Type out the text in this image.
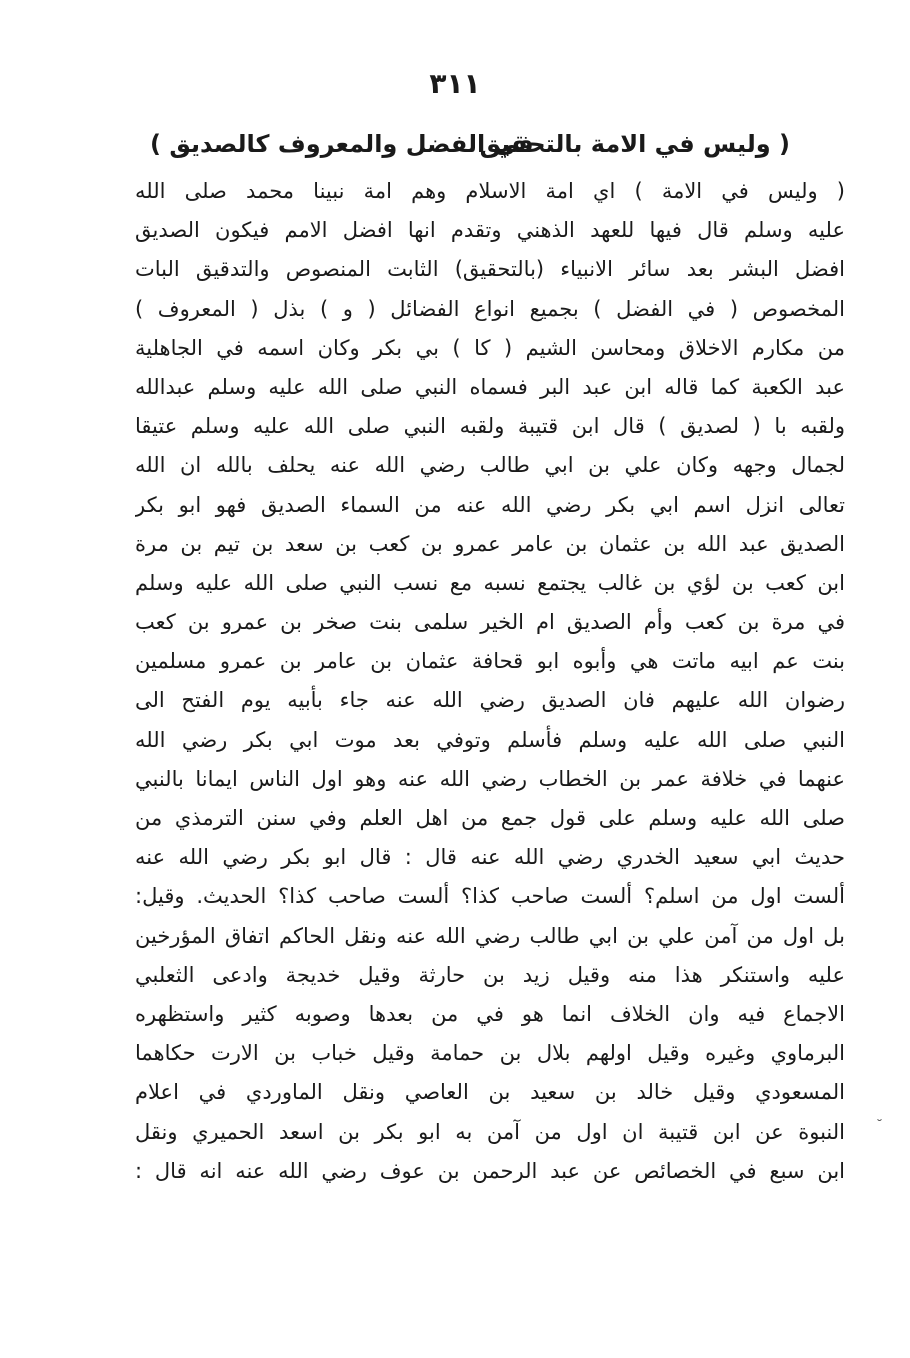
٣١١
( وليس في الامة بالتحقيق
في الفضل والمعروف كالصديق )
( وليس في الامة ) اي امة الاسلام وهم امة نبينا محمد صلى الله
عليه وسلم قال فيها للعهد الذهني وتقدم انها افضل الامم فيكون الصديق
افضل البشر بعد سائر الانبياء (بالتحقيق) الثابت المنصوص والتدقيق البات
المخصوص ( في الفضل ) بجميع انواع الفضائل ( و ) بذل ( المعروف )
من مكارم الاخلاق ومحاسن الشيم ( كا ) بي بكر وكان اسمه في الجاهلية
عبد الكعبة كما قاله ابن عبد البر فسماه النبي صلى الله عليه وسلم عبدالله
ولقبه با ( لصديق ) قال ابن قتيبة ولقبه النبي صلى الله عليه وسلم عتيقا
لجمال وجهه وكان علي بن ابي طالب رضي الله عنه يحلف بالله ان الله
تعالى انزل اسم ابي بكر رضي الله عنه من السماء الصديق فهو ابو بكر
الصديق عبد الله بن عثمان بن عامر عمرو بن كعب بن سعد بن تيم بن مرة
ابن كعب بن لؤي بن غالب يجتمع نسبه مع نسب النبي صلى الله عليه وسلم
في مرة بن كعب وأم الصديق ام الخير سلمى بنت صخر بن عمرو بن كعب
بنت عم ابيه ماتت هي وأبوه ابو قحافة عثمان بن عامر بن عمرو مسلمين
رضوان الله عليهم فان الصديق رضي الله عنه جاء بأبيه يوم الفتح الى
النبي صلى الله عليه وسلم فأسلم وتوفي بعد موت ابي بكر رضي الله
عنهما في خلافة عمر بن الخطاب رضي الله عنه وهو اول الناس ايمانا بالنبي
صلى الله عليه وسلم على قول جمع من اهل العلم وفي سنن الترمذي من
حديث ابي سعيد الخدري رضي الله عنه قال : قال ابو بكر رضي الله عنه
ألست اول من اسلم؟ ألست صاحب كذا؟ ألست صاحب كذا؟ الحديث. وقيل:
بل اول من آمن علي بن ابي طالب رضي الله عنه ونقل الحاكم اتفاق المؤرخين
عليه واستنكر هذا منه وقيل زيد بن حارثة وقيل خديجة وادعى الثعلبي
الاجماع فيه وان الخلاف انما هو في من بعدها وصوبه كثير واستظهره
البرماوي وغيره وقيل اولهم بلال بن حمامة وقيل خباب بن الارت حكاهما
المسعودي وقيل خالد بن سعيد بن العاصي ونقل الماوردي في اعلام
النبوة عن ابن قتيبة ان اول من آمن به ابو بكر بن اسعد الحميري ونقل
ابن سبع في الخصائص عن عبد الرحمن بن عوف رضي الله عنه انه قال :
˘
